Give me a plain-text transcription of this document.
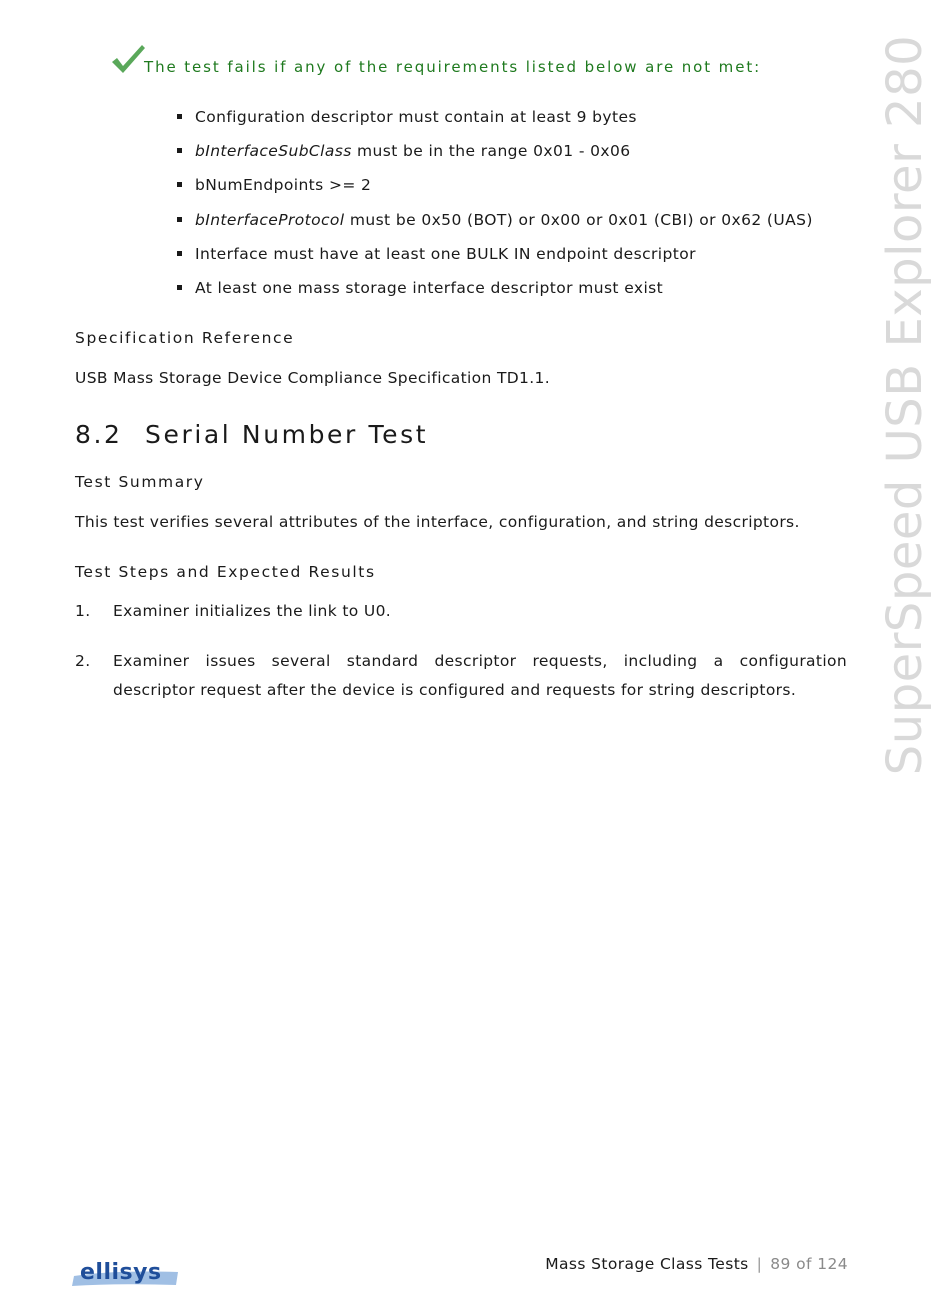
The test fails if any of the requirements listed below are not met:
Configuration descriptor must contain at least 9 bytes
bInterfaceSubClass must be in the range 0x01 - 0x06
bNumEndpoints >= 2
bInterfaceProtocol must be 0x50 (BOT) or 0x00 or 0x01 (CBI) or 0x62 (UAS)
Interface must have at least one BULK IN endpoint descriptor
At least one mass storage interface descriptor must exist
Specification Reference
USB Mass Storage Device Compliance Specification TD1.1.
8.2 Serial Number Test
Test Summary
This test verifies several attributes of the interface, configuration, and string descriptors.
Test Steps and Expected Results
1. Examiner initializes the link to U0.
2. Examiner issues several standard descriptor requests, including a configuration descriptor request after the device is configured and requests for string descriptors.	SuperSpeed USB Explorer 280
Mass Storage Class Tests | 89 of 124
ellisys
